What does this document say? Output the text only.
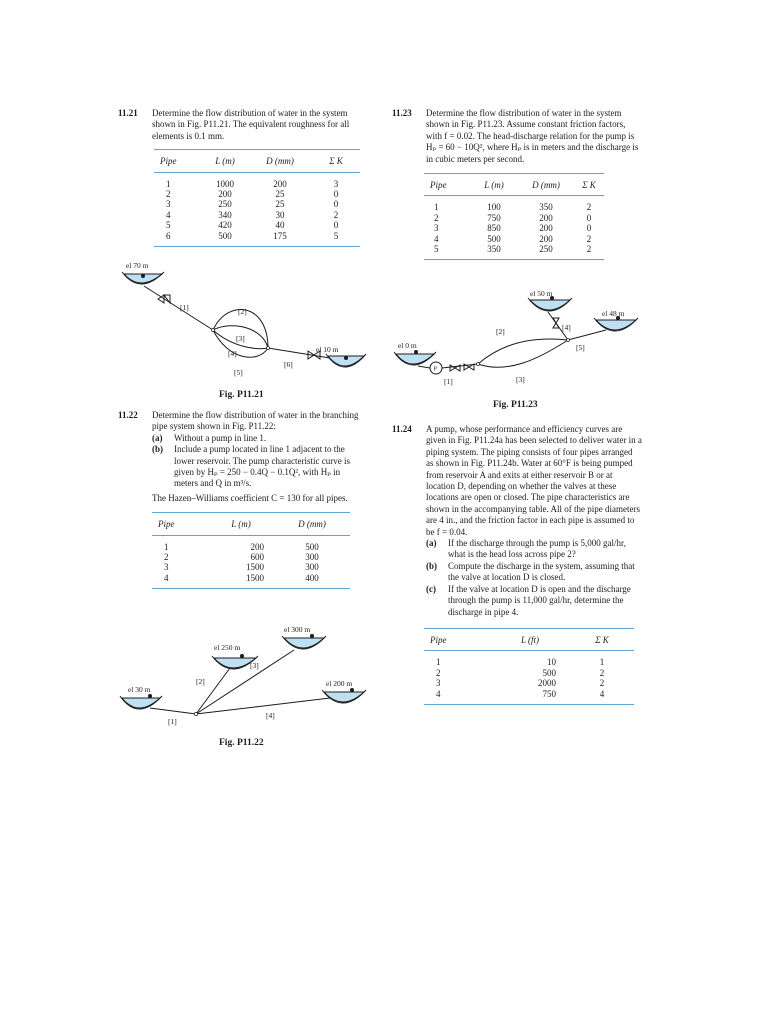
11.21	Determine the flow distribution of water in the system shown in Fig. P11.21. The equivalent roughness for all elements is 0.1 mm.
Pipe	L (m)	D (mm)	Σ K
1	1000	200	3
2	200	25	0
3	250	25	0
4	340	30	2
5	420	40	0
6	500	175	5
el 70 m
el 10 m
[1]	[2]
[3]
[4]
[5]
[6]
Fig. P11.21
11.22	Determine the flow distribution of water in the branching pipe system shown in Fig. P11.22:
(a)	Without a pump in line 1.
(b)	Include a pump located in line 1 adjacent to the lower reservoir. The pump characteristic curve is given by Hₚ = 250 − 0.4Q − 0.1Q², with Hₚ in meters and Q in m³/s.
The Hazen–Williams coefficient C = 130 for all pipes.
Pipe	L (m)	D (mm)
1	200	500
2	600	300
3	1500	300
4	1500	400
el 30 m
el 250 m
el 300 m
el 200 m
[1]
[2]
[3]
[4]
Fig. P11.22
11.23	Determine the flow distribution of water in the system shown in Fig. P11.23. Assume constant friction factors, with f = 0.02. The head-discharge relation for the pump is Hₚ = 60 − 10Q², where Hₚ is in meters and the discharge is in cubic meters per second.
Pipe	L (m)	D (mm)	Σ K
1	100	350	2
2	750	200	0
3	850	200	0
4	500	200	2
5	350	250	2
el 0 m
el 50 m
el 48 m
P
[1]
[2]
[3]
[4]
[5]
Fig. P11.23
11.24	A pump, whose performance and efficiency curves are given in Fig. P11.24a has been selected to deliver water in a piping system. The piping consists of four pipes arranged as shown in Fig. P11.24b. Water at 60°F is being pumped from reservoir A and exits at either reservoir B or at location D, depending on whether the valves at these locations are open or closed. The pipe characteristics are shown in the accompanying table. All of the pipe diameters are 4 in., and the friction factor in each pipe is assumed to be f = 0.04.
(a)	If the discharge through the pump is 5,000 gal/hr, what is the head loss across pipe 2?
(b)	Compute the discharge in the system, assuming that the valve at location D is closed.
(c)	If the valve at location D is open and the discharge through the pump is 11,000 gal/hr, determine the discharge in pipe 4.
Pipe	L (ft)	Σ K
1	10	1
2	500	2
3	2000	2
4	750	4
